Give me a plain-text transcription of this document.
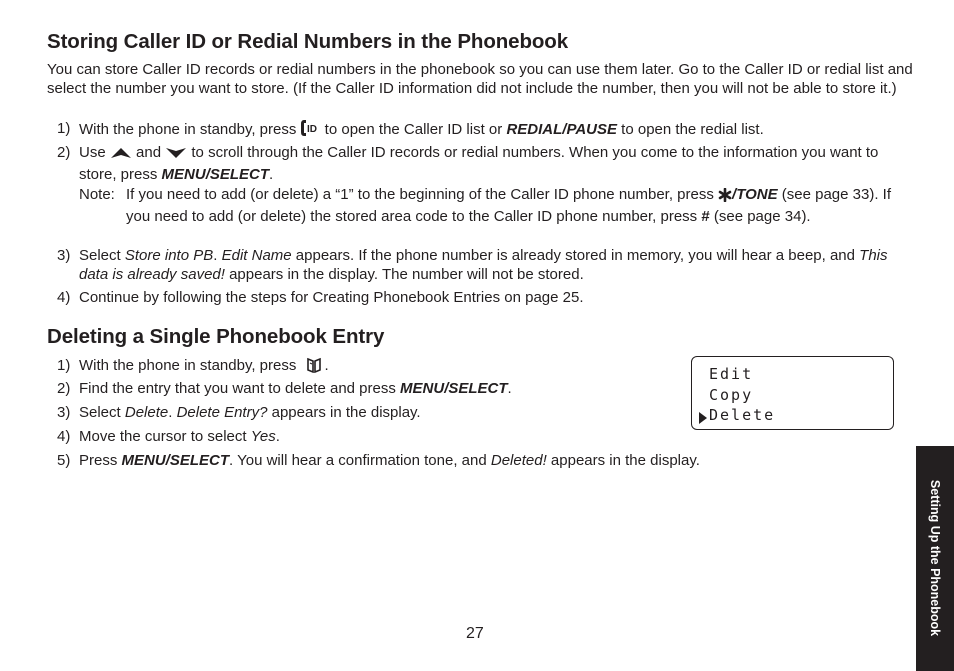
Storing Caller ID or Redial Numbers in the Phonebook

You can store Caller ID records or redial numbers in the phonebook so you can use them later. Go to the Caller ID or redial list and select the number you want to store. (If the Caller ID information did not include the number, then you will not be able to store it.)

1) With the phone in standby, press ID to open the Caller ID list or REDIAL/PAUSE to open the redial list.
2) Use  and  to scroll through the Caller ID records or redial numbers. When you come to the information you want to store, press MENU/SELECT.
Note: If you need to add (or delete) a “1” to the beginning of the Caller ID phone number, press /TONE (see page 33). If you need to add (or delete) the stored area code to the Caller ID phone number, press # (see page 34).
3) Select Store into PB. Edit Name appears. If the phone number is already stored in memory, you will hear a beep, and This data is already saved! appears in the display. The number will not be stored.
4) Continue by following the steps for Creating Phonebook Entries on page 25.
Deleting a Single Phonebook Entry
1) With the phone in standby, press .
2) Find the entry that you want to delete and press MENU/SELECT.
3) Select Delete. Delete Entry? appears in the display.
4) Move the cursor to select Yes.
5) Press MENU/SELECT. You will hear a confirmation tone, and Deleted! appears in the display.
Edit
Copy
Delete
27	Setting Up the Phonebook
